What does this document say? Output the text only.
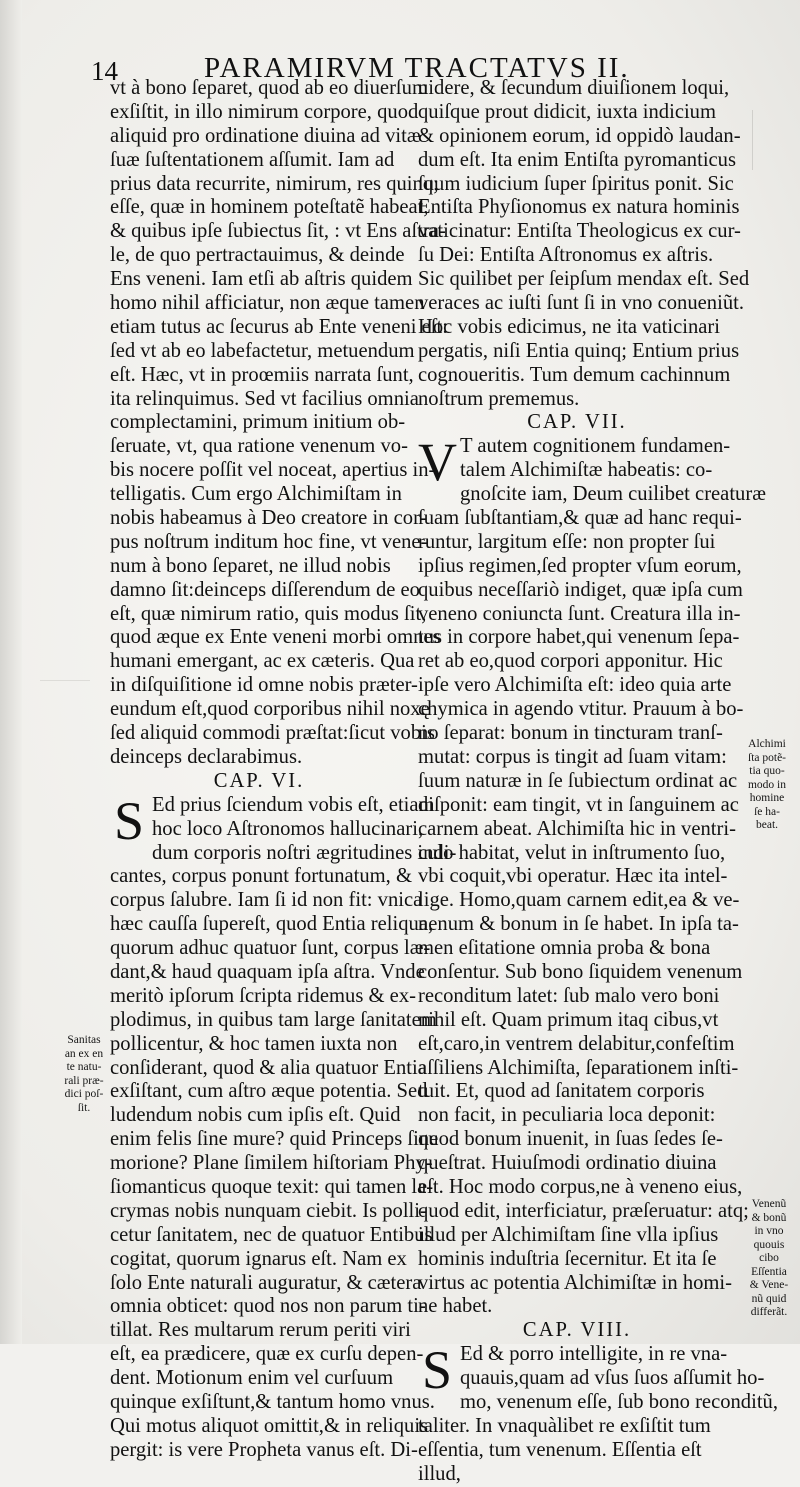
14	PARAMIRVM TRACTATVS II.
vt à bono ſeparet, quod ab eo diuerſum
exſiſtit, in illo nimirum corpore, quod
aliquid pro ordinatione diuina ad vitæ
ſuæ ſuſtentationem aſſumit. Iam ad
prius data recurrite, nimirum, res quinq;
eſſe, quæ in hominem poteſtatẽ habeat,
& quibus ipſe ſubiectus ſit, : vt Ens aſtra-
le, de quo pertractauimus, & deinde
Ens veneni. Iam etſi ab aſtris quidem
homo nihil afficiatur, non æque tamen
etiam tutus ac ſecurus ab Ente veneni eſt:
ſed vt ab eo labefactetur, metuendum
eſt. Hæc, vt in proœmiis narrata ſunt,
ita relinquimus. Sed vt facilius omnia
complectamini, primum initium ob-
ſeruate, vt, qua ratione venenum vo-
bis nocere poſſit vel noceat, apertius in-
telligatis. Cum ergo Alchimiſtam in
nobis habeamus à Deo creatore in cor-
pus noſtrum inditum hoc fine, vt vene-
num à bono ſeparet, ne illud nobis
damno ſit:deinceps diſſerendum de eo
eſt, quæ nimirum ratio, quis modus ſit,
quod æque ex Ente veneni morbi omnes
humani emergant, ac ex cæteris. Qua
in diſquiſitione id omne nobis præter-
eundum eſt,quod corporibus nihil noxę
ſed aliquid commodi præſtat:ſicut vobis
deinceps declarabimus.
CAP. VI.
S Ed prius ſciendum vobis eſt, etiam
hoc loco Aſtronomos hallucinari,
dum corporis noſtri ægritudines indi-
cantes, corpus ponunt fortunatum, &
corpus ſalubre. Iam ſi id non fit: vnica
hæc cauſſa ſupereſt, quod Entia reliqua,
quorum adhuc quatuor ſunt, corpus læ-
dant,& haud quaquam ipſa aſtra. Vnde
meritò ipſorum ſcripta ridemus & ex-
plodimus, in quibus tam large ſanitatem
pollicentur, & hoc tamen iuxta non
conſiderant, quod & alia quatuor Entia
exſiſtant, cum aſtro æque potentia. Sed
ludendum nobis cum ipſis eſt. Quid
enim felis ſine mure? quid Princeps ſine
morione? Plane ſimilem hiſtoriam Phy-
ſiomanticus quoque texit: qui tamen la-
crymas nobis nunquam ciebit. Is polli-
cetur ſanitatem, nec de quatuor Entibus
cogitat, quorum ignarus eſt. Nam ex
ſolo Ente naturali auguratur, & cætera
omnia obticet: quod nos non parum ti-
tillat. Res multarum rerum periti viri
eſt, ea prædicere, quæ ex curſu depen-
dent. Motionum enim vel curſuum
quinque exſiſtunt,& tantum homo vnus.
Qui motus aliquot omittit,& in reliquis
pergit: is vere Propheta vanus eſt. Di-
uidere, & ſecundum diuiſionem loqui,
quiſque prout didicit, iuxta indicium
& opinionem eorum, id oppidò laudan-
dum eſt. Ita enim Entiſta pyromanticus
ſuum iudicium ſuper ſpiritus ponit. Sic
Entiſta Phyſionomus ex natura hominis
vaticinatur: Entiſta Theologicus ex cur-
ſu Dei: Entiſta Aſtronomus ex aſtris.
Sic quilibet per ſeipſum mendax eſt. Sed
veraces ac iuſti ſunt ſi in vno conueniũt.
Hoc vobis edicimus, ne ita vaticinari
pergatis, niſi Entia quinq; Entium prius
cognoueritis. Tum demum cachinnum
noſtrum prememus.
CAP. VII.
V T autem cognitionem fundamen-
talem Alchimiſtæ habeatis: co-
gnoſcite iam, Deum cuilibet creaturæ
ſuam ſubſtantiam,& quæ ad hanc requi-
runtur, largitum eſſe: non propter ſui
ipſius regimen,ſed propter vſum eorum,
quibus neceſſariò indiget, quæ ipſa cum
veneno coniuncta ſunt. Creatura illa in-
tus in corpore habet,qui venenum ſepa-
ret ab eo,quod corpori apponitur. Hic
ipſe vero Alchimiſta eſt: ideo quia arte
chymica in agendo vtitur. Prauum à bo-
no ſeparat: bonum in tincturam tranſ-
mutat: corpus is tingit ad ſuam vitam:
ſuum naturæ in ſe ſubiectum ordinat ac
diſponit: eam tingit, vt in ſanguinem ac
carnem abeat. Alchimiſta hic in ventri-
culo habitat, velut in inſtrumento ſuo,
vbi coquit,vbi operatur. Hæc ita intel-
lige. Homo,quam carnem edit,ea & ve-
nenum & bonum in ſe habet. In ipſa ta-
men eſitatione omnia proba & bona
conſentur. Sub bono ſiquidem venenum
reconditum latet: ſub malo vero boni
nihil eſt. Quam primum itaq cibus,vt
eſt,caro,in ventrem delabitur,confeſtim
aſſiliens Alchimiſta, ſeparationem inſti-
tuit. Et, quod ad ſanitatem corporis
non facit, in peculiaria loca deponit:
quod bonum inuenit, in ſuas ſedes ſe-
queſtrat. Huiuſmodi ordinatio diuina
eſt. Hoc modo corpus,ne à veneno eius,
quod edit, interficiatur, præſeruatur: atq;
illud per Alchimiſtam ſine vlla ipſius
hominis induſtria ſecernitur. Et ita ſe
virtus ac potentia Alchimiſtæ in homi-
ne habet.
CAP. VIII.
S Ed & porro intelligite, in re vna-
quauis,quam ad vſus ſuos aſſumit ho-
mo, venenum eſſe, ſub bono reconditũ,
taliter. In vnaquàlibet re exſiſtit tum
eſſentia, tum venenum. Eſſentia eſt
illud,
Sanitas
an ex en
te natu-
rali præ-
dici poſ-
ſit.
Alchimi
ſta potẽ-
tia quo-
modo in
homine
ſe ha-
beat.
Venenũ
& bonũ
in vno
quouis
cibo
Eſſentia
& Vene-
nũ quid
differãt.
